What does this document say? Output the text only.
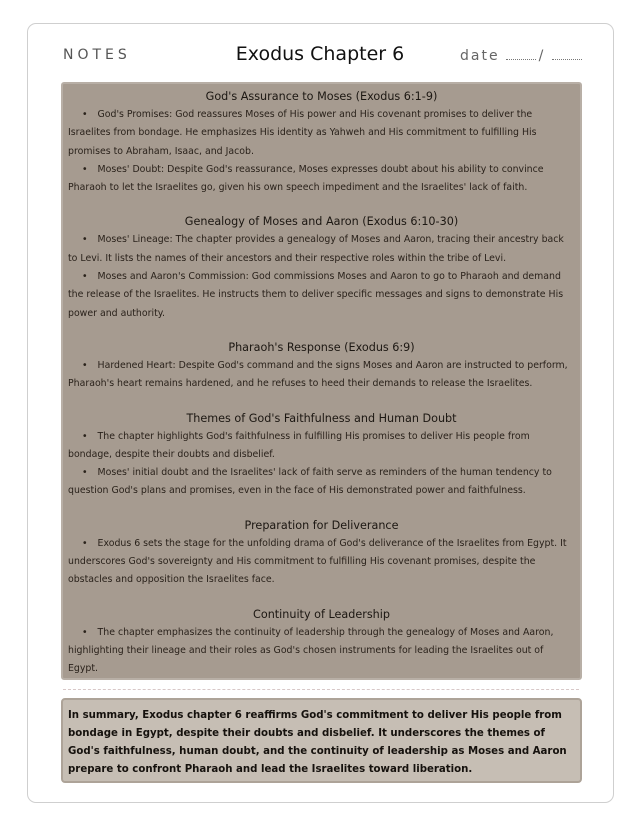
NOTES	Exodus Chapter 6	date	/

God's Assurance to Moses (Exodus 6:1-9)

• God's Promises: God reassures Moses of His power and His covenant promises to deliver the Israelites from bondage. He emphasizes His identity as Yahweh and His commitment to fulfilling His promises to Abraham, Isaac, and Jacob.

• Moses' Doubt: Despite God's reassurance, Moses expresses doubt about his ability to convince Pharaoh to let the Israelites go, given his own speech impediment and the Israelites' lack of faith.

Genealogy of Moses and Aaron (Exodus 6:10-30)

• Moses' Lineage: The chapter provides a genealogy of Moses and Aaron, tracing their ancestry back to Levi. It lists the names of their ancestors and their respective roles within the tribe of Levi.

• Moses and Aaron's Commission: God commissions Moses and Aaron to go to Pharaoh and demand the release of the Israelites. He instructs them to deliver specific messages and signs to demonstrate His power and authority.

Pharaoh's Response (Exodus 6:9)

• Hardened Heart: Despite God's command and the signs Moses and Aaron are instructed to perform, Pharaoh's heart remains hardened, and he refuses to heed their demands to release the Israelites.

Themes of God's Faithfulness and Human Doubt

• The chapter highlights God's faithfulness in fulfilling His promises to deliver His people from bondage, despite their doubts and disbelief.

• Moses' initial doubt and the Israelites' lack of faith serve as reminders of the human tendency to question God's plans and promises, even in the face of His demonstrated power and faithfulness.

Preparation for Deliverance

• Exodus 6 sets the stage for the unfolding drama of God's deliverance of the Israelites from Egypt. It underscores God's sovereignty and His commitment to fulfilling His covenant promises, despite the obstacles and opposition the Israelites face.

Continuity of Leadership

• The chapter emphasizes the continuity of leadership through the genealogy of Moses and Aaron, highlighting their lineage and their roles as God's chosen instruments for leading the Israelites out of Egypt.

In summary, Exodus chapter 6 reaffirms God's commitment to deliver His people from bondage in Egypt, despite their doubts and disbelief. It underscores the themes of God's faithfulness, human doubt, and the continuity of leadership as Moses and Aaron prepare to confront Pharaoh and lead the Israelites toward liberation.
